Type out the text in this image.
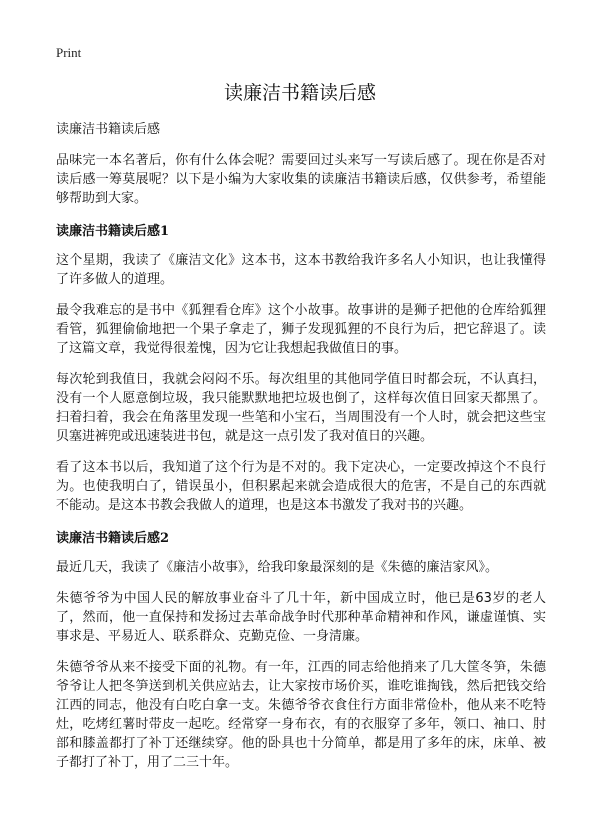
Print
读廉洁书籍读后感

读廉洁书籍读后感

品味完一本名著后，你有什么体会呢？需要回过头来写一写读后感了。现在你是否对读后感一筹莫展呢？以下是小编为大家收集的读廉洁书籍读后感，仅供参考，希望能够帮助到大家。

读廉洁书籍读后感1

这个星期，我读了《廉洁文化》这本书，这本书教给我许多名人小知识，也让我懂得了许多做人的道理。

最令我难忘的是书中《狐狸看仓库》这个小故事。故事讲的是狮子把他的仓库给狐狸看管，狐狸偷偷地把一个果子拿走了，狮子发现狐狸的不良行为后，把它辞退了。读了这篇文章，我觉得很羞愧，因为它让我想起我做值日的事。

每次轮到我值日，我就会闷闷不乐。每次组里的其他同学值日时都会玩，不认真扫，没有一个人愿意倒垃圾，我只能默默地把垃圾也倒了，这样每次值日回家天都黑了。扫着扫着，我会在角落里发现一些笔和小宝石，当周围没有一个人时，就会把这些宝贝塞进裤兜或迅速装进书包，就是这一点引发了我对值日的兴趣。

看了这本书以后，我知道了这个行为是不对的。我下定决心，一定要改掉这个不良行为。也使我明白了，错误虽小，但积累起来就会造成很大的危害，不是自己的东西就不能动。是这本书教会我做人的道理，也是这本书激发了我对书的兴趣。

读廉洁书籍读后感2

最近几天，我读了《廉洁小故事》，给我印象最深刻的是《朱德的廉洁家风》。

朱德爷爷为中国人民的解放事业奋斗了几十年，新中国成立时，他已是63岁的老人了，然而，他一直保持和发扬过去革命战争时代那种革命精神和作风，谦虚谨慎、实事求是、平易近人、联系群众、克勤克俭、一身清廉。

朱德爷爷从来不接受下面的礼物。有一年，江西的同志给他捎来了几大筐冬笋，朱德爷爷让人把冬笋送到机关供应站去，让大家按市场价买，谁吃谁掏钱，然后把钱交给江西的同志，他没有白吃白拿一支。朱德爷爷衣食住行方面非常俭朴，他从来不吃特灶，吃烤红薯时带皮一起吃。经常穿一身布衣，有的衣服穿了多年，领口、袖口、肘部和膝盖都打了补丁还继续穿。他的卧具也十分简单，都是用了多年的床，床单、被子都打了补丁，用了二三十年。
